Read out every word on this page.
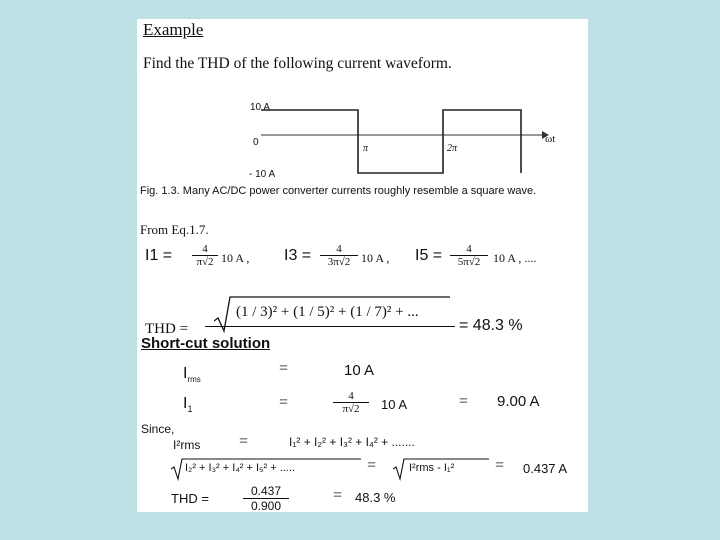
Example
Find the THD of the following current waveform.
10 A
0
- 10 A
π	2π
ωt
Fig. 1.3. Many AC/DC power converter currents roughly resemble a square wave.
From Eq.1.7.
$I1 = \frac{4}{\pi√2} 10$ A , $I3 = \frac{4}{3\pi√2} 10$ A , $I5 = \frac{4}{5\pi√2} 10$ A , ....
(1 / 3)² + (1 / 5)² + (1 / 7)² + ...
THD =	= 48.3 %
Short-cut solution
$I_{rms}$
=	10 A
$I_1$	=	$\frac{4}{\pi√2} 10$ A	= 9.00 A
Since,
I²rms =	I₁² + I₂² + I₃² + I₄² + .......
I₂² + I₃² + I₄² + I₅² + .....	=	I²rms - I₁²	= 0.437 A
THD =	$\frac{0.437}{0.900}$	= 48.3 %
